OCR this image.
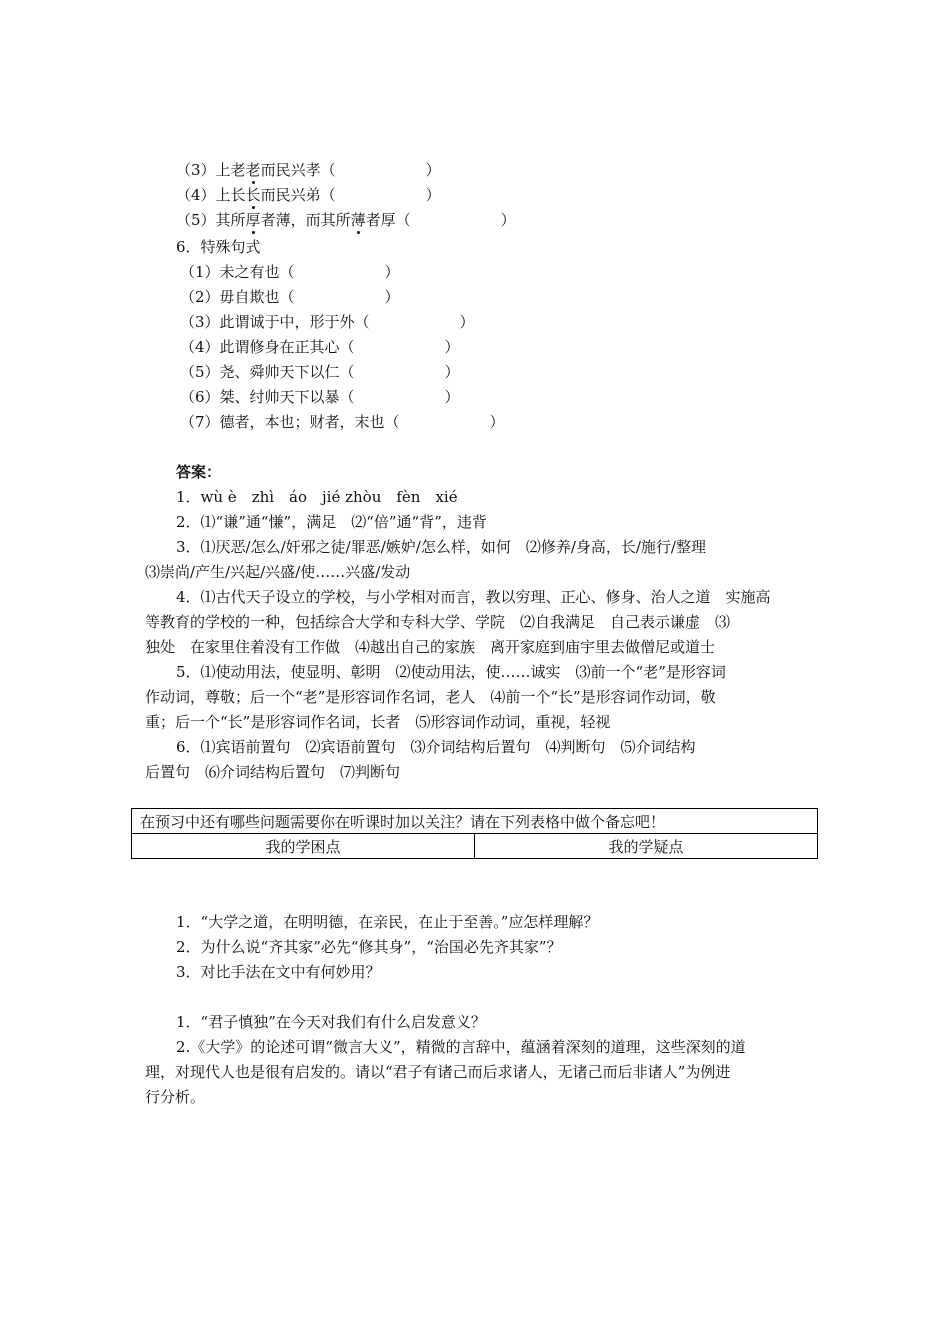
（3）上老老而民兴孝（　　　　　　）
（4）上长长而民兴弟（　　　　　　）
（5）其所厚者薄，而其所薄者厚（　　　　　　）
6．特殊句式
（1）未之有也（　　　　　　）
（2）毋自欺也（　　　　　　）
（3）此谓诚于中，形于外（　　　　　　）
（4）此谓修身在正其心（　　　　　　）
（5）尧、舜帅天下以仁（　　　　　　）
（6）桀、纣帅天下以暴（　　　　　　）
（7）德者，本也；财者，末也（　　　　　　）
答案：
1．wù è　zhì　áo　jié zhòu　fèn　xié
2．⑴“谦”通“慊”，满足　⑵“倍”通“背”，违背
3．⑴厌恶/怎么/奸邪之徒/罪恶/嫉妒/怎么样，如何　⑵修养/身高，长/施行/整理
⑶崇尚/产生/兴起/兴盛/使……兴盛/发动
4．⑴古代天子设立的学校，与小学相对而言，教以穷理、正心、修身、治人之道　实施高
等教育的学校的一种，包括综合大学和专科大学、学院　⑵自我满足　自己表示谦虚　⑶
独处　在家里住着没有工作做　⑷越出自己的家族　离开家庭到庙宇里去做僧尼或道士
5．⑴使动用法，使显明、彰明　⑵使动用法，使……诚实　⑶前一个“老”是形容词
作动词，尊敬；后一个“老”是形容词作名词，老人　⑷前一个“长”是形容词作动词，敬
重；后一个“长”是形容词作名词，长者　⑸形容词作动词，重视，轻视
6．⑴宾语前置句　⑵宾语前置句　⑶介词结构后置句　⑷判断句　⑸介词结构
后置句　⑹介词结构后置句　⑺判断句
在预习中还有哪些问题需要你在听课时加以关注？请在下列表格中做个备忘吧！
我的学困点	我的学疑点
1．“大学之道，在明明德，在亲民，在止于至善。”应怎样理解？
2．为什么说“齐其家”必先“修其身”，“治国必先齐其家”？
3．对比手法在文中有何妙用？
1．“君子慎独”在今天对我们有什么启发意义？
2.《大学》的论述可谓“微言大义”，精微的言辞中，蕴涵着深刻的道理，这些深刻的道
理，对现代人也是很有启发的。请以“君子有诸己而后求诸人，无诸己而后非诸人”为例进
行分析。
